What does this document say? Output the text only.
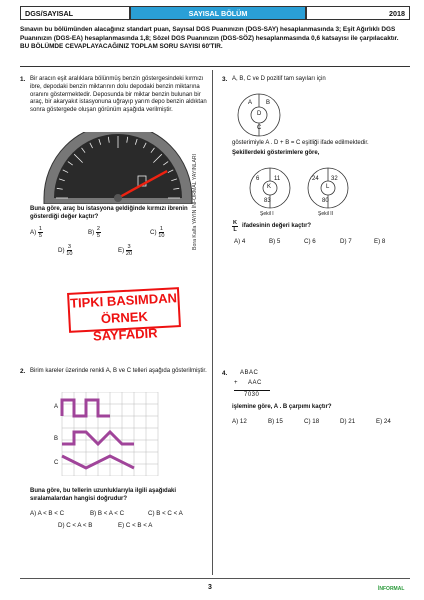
DGS/SAYISAL	SAYISAL BÖLÜM	2018
Sınavın bu bölümünden alacağınız standart puan, Sayısal DGS Puanınızın (DGS-SAY) hesaplanmasında 3; Eşit Ağırlıklı DGS Puanınızın (DGS-EA) hesaplanmasında 1,8; Sözel DGS Puanınızın (DGS-SÖZ) hesaplanmasında 0,6 katsayısı ile çarpılacaktır.
BU BÖLÜMDE CEVAPLAYACAĞINIZ TOPLAM SORU SAYISI 60'TIR.
Bora Kalfa YAYIN İNFORMAL YAYINLARI
1. Bir aracın eşit aralıklara bölünmüş benzin göstergesindeki kırmızı ibre, depodaki benzin miktarının dolu depodaki benzin miktarına oranını göstermektedir. Deposunda bir miktar benzin bulunan bir araç, bir akaryakıt istasyonuna uğrayıp yarım depo benzin aldıktan sonra göstergede oluşan görünüm aşağıda verilmiştir.
Buna göre, araç bu istasyona geldiğinde kırmızı ibrenin gösterdiği değer kaçtır?
$A) \frac{1}{5}$	$B) \frac{2}{5}$	$C) \frac{1}{10}$
$D) \frac{3}{10}$	$E) \frac{3}{20}$
TIPKI BASIMDAN
ÖRNEK SAYFADIR
2. Birim kareler üzerinde renkli A, B ve C telleri aşağıda gösterilmiştir.
A
B
C
Buna göre, bu tellerin uzunluklarıyla ilgili aşağıdaki sıralamalardan hangisi doğrudur?
A) A < B < C	B) B < A < C	C) B < C < A
D) C < A < B	E) C < B < A
3. A, B, C ve D pozitif tam sayıları için
A B
D
C
gösterimiyle A . D + B = C eşitliği ifade edilmektedir.
Şekillerdeki gösterimlere göre,
6 11
K
83
Şekil I
24 32
L
80
Şekil II
$\frac{K}{L}$ ifadesinin değeri kaçtır?
A) 4	B) 5	C) 6	D) 7	E) 8
4. ABAC
+ AAC
7030
işlemine göre, A . B çarpımı kaçtır?
A) 12	B) 15	C) 18	D) 21	E) 24
3	İNFORMAL
